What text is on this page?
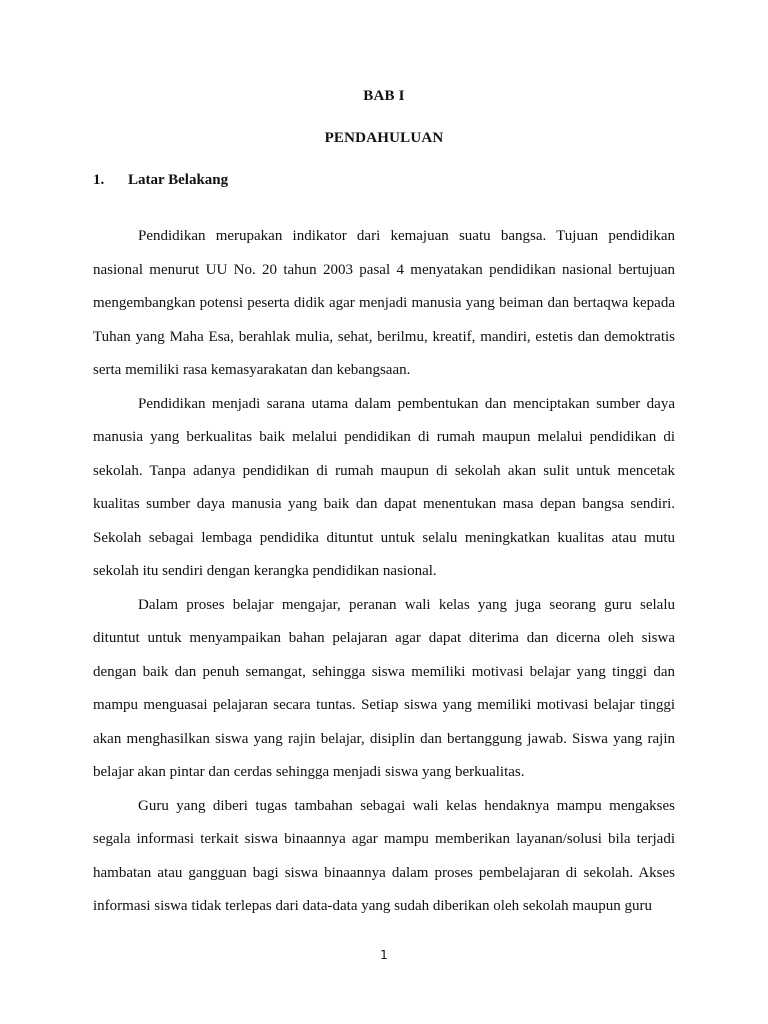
BAB I
PENDAHULUAN
1. Latar Belakang

Pendidikan merupakan indikator dari kemajuan suatu bangsa. Tujuan pendidikan nasional menurut UU No. 20 tahun 2003 pasal 4 menyatakan pendidikan nasional bertujuan mengembangkan potensi peserta didik agar menjadi manusia yang beiman dan bertaqwa kepada Tuhan yang Maha Esa, berahlak mulia, sehat, berilmu, kreatif, mandiri, estetis dan demoktratis serta memiliki rasa kemasyarakatan dan kebangsaan.

Pendidikan menjadi sarana utama dalam pembentukan dan menciptakan sumber daya manusia yang berkualitas baik melalui pendidikan di rumah maupun melalui pendidikan di sekolah. Tanpa adanya pendidikan di rumah maupun di sekolah akan sulit untuk mencetak kualitas sumber daya manusia yang baik dan dapat menentukan masa depan bangsa sendiri. Sekolah sebagai lembaga pendidika dituntut untuk selalu meningkatkan kualitas atau mutu sekolah itu sendiri dengan kerangka pendidikan nasional.

Dalam proses belajar mengajar, peranan wali kelas yang juga seorang guru selalu dituntut untuk menyampaikan bahan pelajaran agar dapat diterima dan dicerna oleh siswa dengan baik dan penuh semangat, sehingga siswa memiliki motivasi belajar yang tinggi dan mampu menguasai pelajaran secara tuntas. Setiap siswa yang memiliki motivasi belajar tinggi akan menghasilkan siswa yang rajin belajar, disiplin dan bertanggung jawab. Siswa yang rajin belajar akan pintar dan cerdas sehingga menjadi siswa yang berkualitas.

Guru yang diberi tugas tambahan sebagai wali kelas hendaknya mampu mengakses segala informasi terkait siswa binaannya agar mampu memberikan layanan/solusi bila terjadi hambatan atau gangguan bagi siswa binaannya dalam proses pembelajaran di sekolah. Akses informasi siswa tidak terlepas dari data-data yang sudah diberikan oleh sekolah maupun guru

1
